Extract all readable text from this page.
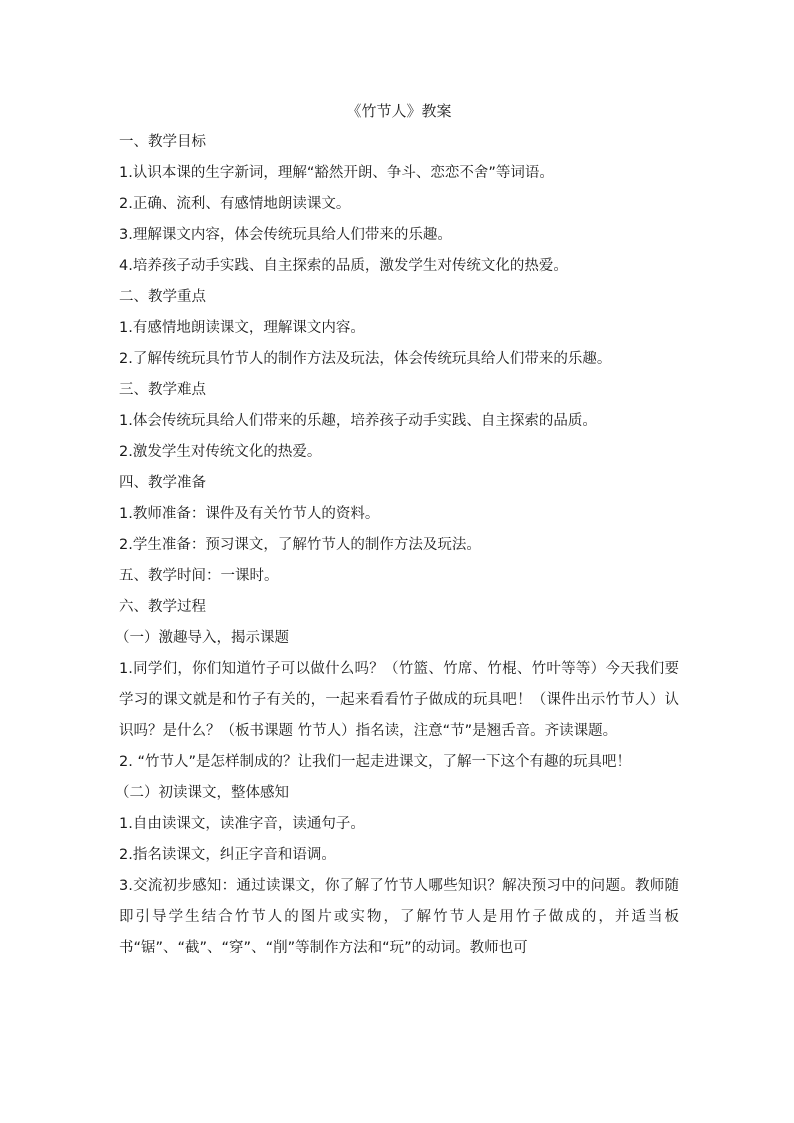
《竹节人》教案

一、教学目标

1.认识本课的生字新词，理解“豁然开朗、争斗、恋恋不舍”等词语。

2.正确、流利、有感情地朗读课文。

3.理解课文内容，体会传统玩具给人们带来的乐趣。

4.培养孩子动手实践、自主探索的品质，激发学生对传统文化的热爱。

二、教学重点

1.有感情地朗读课文，理解课文内容。

2.了解传统玩具竹节人的制作方法及玩法，体会传统玩具给人们带来的乐趣。

三、教学难点

1.体会传统玩具给人们带来的乐趣，培养孩子动手实践、自主探索的品质。

2.激发学生对传统文化的热爱。

四、教学准备

1.教师准备：课件及有关竹节人的资料。

2.学生准备：预习课文，了解竹节人的制作方法及玩法。

五、教学时间：一课时。

六、教学过程

（一）激趣导入，揭示课题

1.同学们，你们知道竹子可以做什么吗？（竹篮、竹席、竹棍、竹叶等等）今天我们要学习的课文就是和竹子有关的，一起来看看竹子做成的玩具吧！（课件出示竹节人）认识吗？是什么？（板书课题 竹节人）指名读，注意“节”是翘舌音。齐读课题。

2. “竹节人”是怎样制成的？让我们一起走进课文，了解一下这个有趣的玩具吧！

（二）初读课文，整体感知

1.自由读课文，读准字音，读通句子。

2.指名读课文，纠正字音和语调。

3.交流初步感知：通过读课文，你了解了竹节人哪些知识？解决预习中的问题。教师随即引导学生结合竹节人的图片或实物，了解竹节人是用竹子做成的，并适当板书“锯”、“截”、“穿”、“削”等制作方法和“玩”的动词。教师也可
